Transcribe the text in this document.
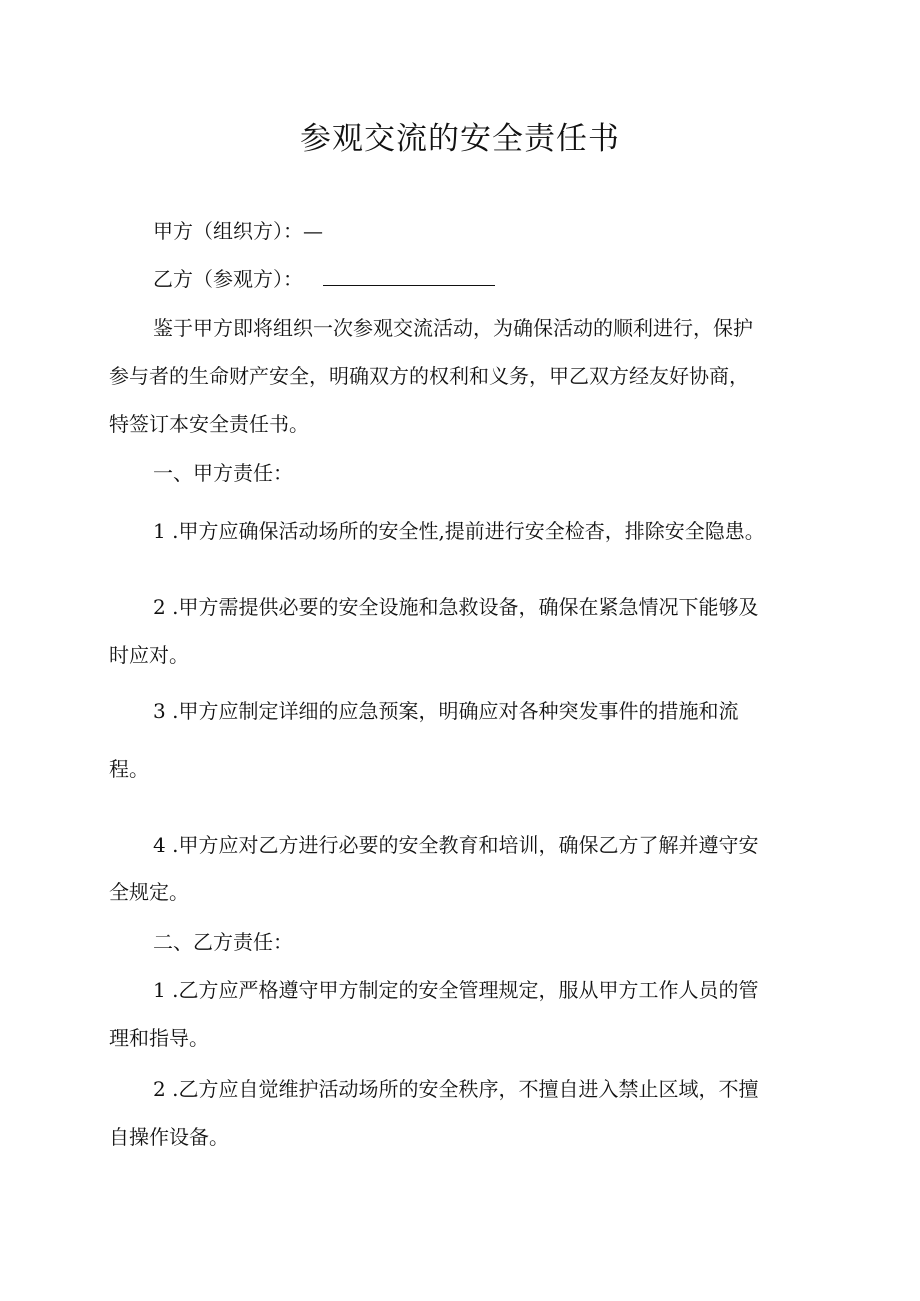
参观交流的安全责任书
甲方（组织方）：—
乙方（参观方）：
鉴于甲方即将组织一次参观交流活动，为确保活动的顺利进行，保护
参与者的生命财产安全，明确双方的权利和义务，甲乙双方经友好协商，
特签订本安全责任书。
一、甲方责任：
1 .甲方应确保活动场所的安全性,提前进行安全检杳，排除安全隐患。
2 .甲方需提供必要的安全设施和急救设备，确保在紧急情况下能够及
时应对。
3 .甲方应制定详细的应急预案，明确应对各种突发事件的措施和流
程。
4 .甲方应对乙方进行必要的安全教育和培训，确保乙方了解并遵守安
全规定。
二、乙方责任：
1 .乙方应严格遵守甲方制定的安全管理规定，服从甲方工作人员的管
理和指导。
2 .乙方应自觉维护活动场所的安全秩序，不擅自进入禁止区域，不擅
自操作设备。
